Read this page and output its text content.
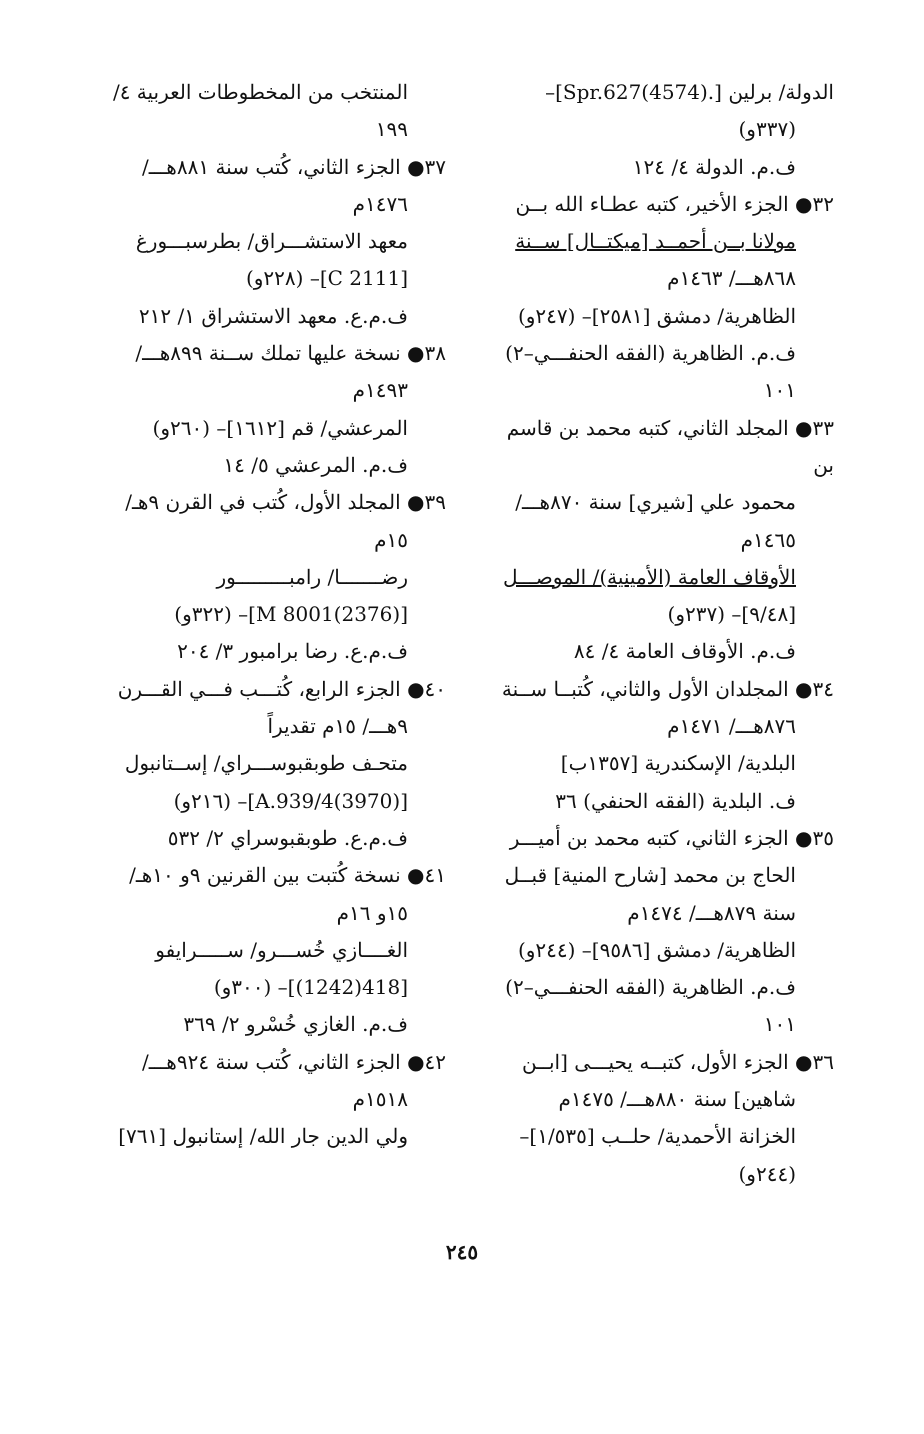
الدولة/ برلين [.Spr.627(4574)]–
(٣٣٧و)
ف.م. الدولة ٤/ ١٢٤
٣٢● الجزء الأخير، كتبه عطـاء الله بــن
مولانا بــن أحمــد [ميكتــال] ســنة
٨٦٨هـــ/ ١٤٦٣م
الظاهرية/ دمشق [٢٥٨١]– (٢٤٧و)
ف.م. الظاهرية (الفقه الحنفـــي–٢)
١٠١
٣٣● المجلد الثاني، كتبه محمد بن قاسم بن
محمود علي [شيري] سنة ٨٧٠هـــ/
١٤٦٥م
الأوقاف العامة (الأمينية)/ الموصـــل
[٩/٤٨]– (٢٣٧و)
ف.م. الأوقاف العامة ٤/ ٨٤
٣٤● المجلدان الأول والثاني، كُتبــا ســنة
٨٧٦هـــ/ ١٤٧١م
البلدية/ الإسكندرية [١٣٥٧ب]
ف. البلدية (الفقه الحنفي) ٣٦
٣٥● الجزء الثاني، كتبه محمد بن أميـــر
الحاج بن محمد [شارح المنية] قبــل
سنة ٨٧٩هـــ/ ١٤٧٤م
الظاهرية/ دمشق [٩٥٨٦]– (٢٤٤و)
ف.م. الظاهرية (الفقه الحنفـــي–٢)
١٠١
٣٦● الجزء الأول، كتبــه يحيـــى [ابــن
شاهين] سنة ٨٨٠هـــ/ ١٤٧٥م
الخزانة الأحمدية/ حلــب [١/٥٣٥]–
(٢٤٤و)
المنتخب من المخطوطات العربية ٤/
١٩٩
٣٧● الجزء الثاني، كُتب سنة ٨٨١هـــ/
١٤٧٦م
معهد الاستشـــراق/ بطرسبـــورغ
[C 2111]– (٢٢٨و)
ف.م.ع. معهد الاستشراق ١/ ٢١٢
٣٨● نسخة عليها تملك ســنة ٨٩٩هـــ/
١٤٩٣م
المرعشي/ قم [١٦١٢]– (٢٦٠و)
ف.م. المرعشي ٥/ ١٤
٣٩● المجلد الأول، كُتب في القرن ٩هـ/
١٥م
رضـــــــا/ رامبـــــــــور
[M 8001(2376)]– (٣٢٢و)
ف.م.ع. رضا برامبور ٣/ ٢٠٤
٤٠● الجزء الرابع، كُتـــب فـــي القـــرن
٩هـــ/ ١٥م تقديراً
متحـف طوبقبوســـراي/ إســتانبول
[A.939/4(3970)]– (٢١٦و)
ف.م.ع. طوبقبوسراي ٢/ ٥٣٢
٤١● نسخة كُتبت بين القرنين ٩و ١٠هـ/
١٥و ١٦م
الغــــازي خُســـرو/ ســـــرايفو
[418(1242)]– (٣٠٠و)
ف.م. الغازي خُسْرو ٢/ ٣٦٩
٤٢● الجزء الثاني، كُتب سنة ٩٢٤هـــ/
١٥١٨م
ولي الدين جار الله/ إستانبول [٧٦١]
٢٤٥
